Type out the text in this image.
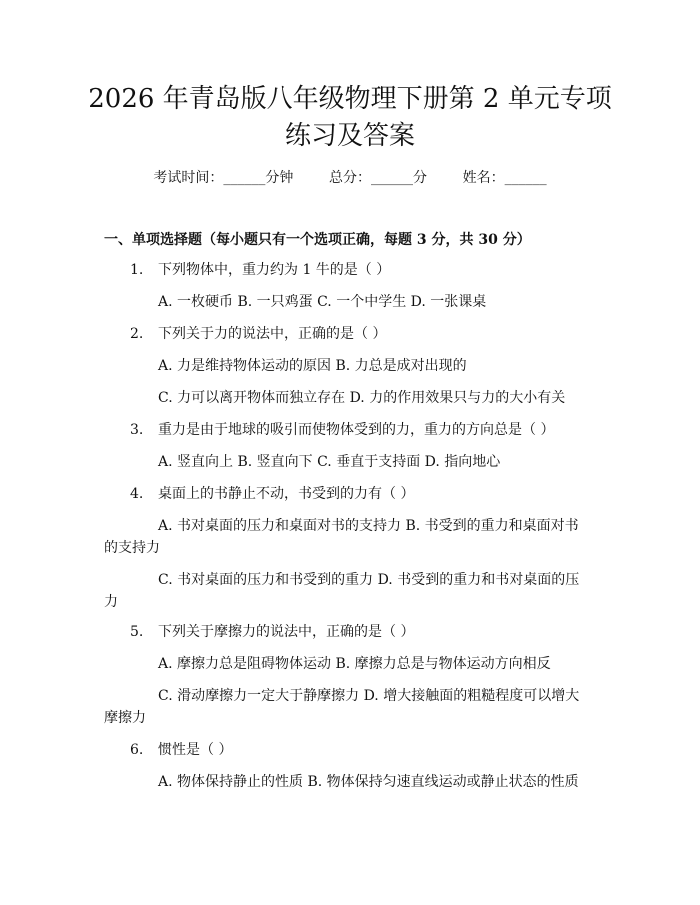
2026 年青岛版八年级物理下册第 2 单元专项
练习及答案
考试时间：______分钟	总分：______分	姓名：______
一、单项选择题（每小题只有一个选项正确，每题 3 分，共 30 分）
1. 下列物体中，重力约为 1 牛的是（ ）
A. 一枚硬币 B. 一只鸡蛋 C. 一个中学生 D. 一张课桌
2. 下列关于力的说法中，正确的是（ ）
A. 力是维持物体运动的原因 B. 力总是成对出现的
C. 力可以离开物体而独立存在 D. 力的作用效果只与力的大小有关
3. 重力是由于地球的吸引而使物体受到的力，重力的方向总是（ ）
A. 竖直向上 B. 竖直向下 C. 垂直于支持面 D. 指向地心
4. 桌面上的书静止不动，书受到的力有（ ）
A. 书对桌面的压力和桌面对书的支持力 B. 书受到的重力和桌面对书
的支持力
C. 书对桌面的压力和书受到的重力 D. 书受到的重力和书对桌面的压
力
5. 下列关于摩擦力的说法中，正确的是（ ）
A. 摩擦力总是阻碍物体运动 B. 摩擦力总是与物体运动方向相反
C. 滑动摩擦力一定大于静摩擦力 D. 增大接触面的粗糙程度可以增大
摩擦力
6. 惯性是（ ）
A. 物体保持静止的性质 B. 物体保持匀速直线运动或静止状态的性质
